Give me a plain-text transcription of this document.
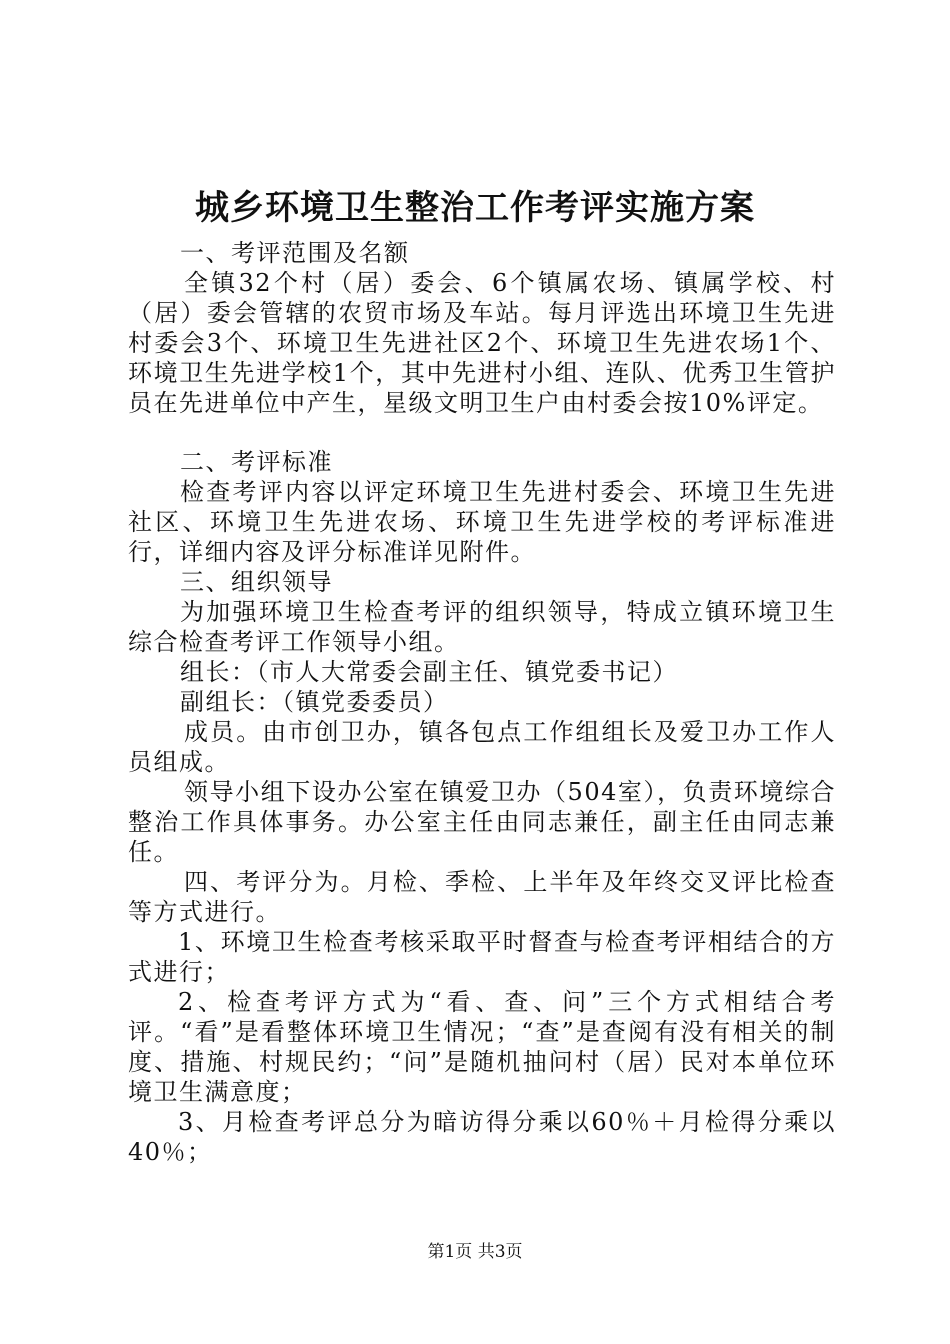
城乡环境卫生整治工作考评实施方案

一、考评范围及名额

全镇32个村（居）委会、6个镇属农场、镇属学校、村（居）委会管辖的农贸市场及车站。每月评选出环境卫生先进村委会3个、环境卫生先进社区2个、环境卫生先进农场1个、环境卫生先进学校1个，其中先进村小组、连队、优秀卫生管护员在先进单位中产生，星级文明卫生户由村委会按10%评定。

二、考评标准

检查考评内容以评定环境卫生先进村委会、环境卫生先进社区、环境卫生先进农场、环境卫生先进学校的考评标准进行，详细内容及评分标准详见附件。

三、组织领导

为加强环境卫生检查考评的组织领导，特成立镇环境卫生综合检查考评工作领导小组。

组长：（市人大常委会副主任、镇党委书记）

副组长：（镇党委委员）

成员。由市创卫办，镇各包点工作组组长及爱卫办工作人员组成。

领导小组下设办公室在镇爱卫办（504室），负责环境综合整治工作具体事务。办公室主任由同志兼任，副主任由同志兼任。

四、考评分为。月检、季检、上半年及年终交叉评比检查等方式进行。

1、环境卫生检查考核采取平时督查与检查考评相结合的方式进行；

2、检查考评方式为“看、查、问”三个方式相结合考评。“看”是看整体环境卫生情况；“查”是查阅有没有相关的制度、措施、村规民约；“问”是随机抽问村（居）民对本单位环境卫生满意度；

3、月检查考评总分为暗访得分乘以60％＋月检得分乘以40％；

第1页 共3页
